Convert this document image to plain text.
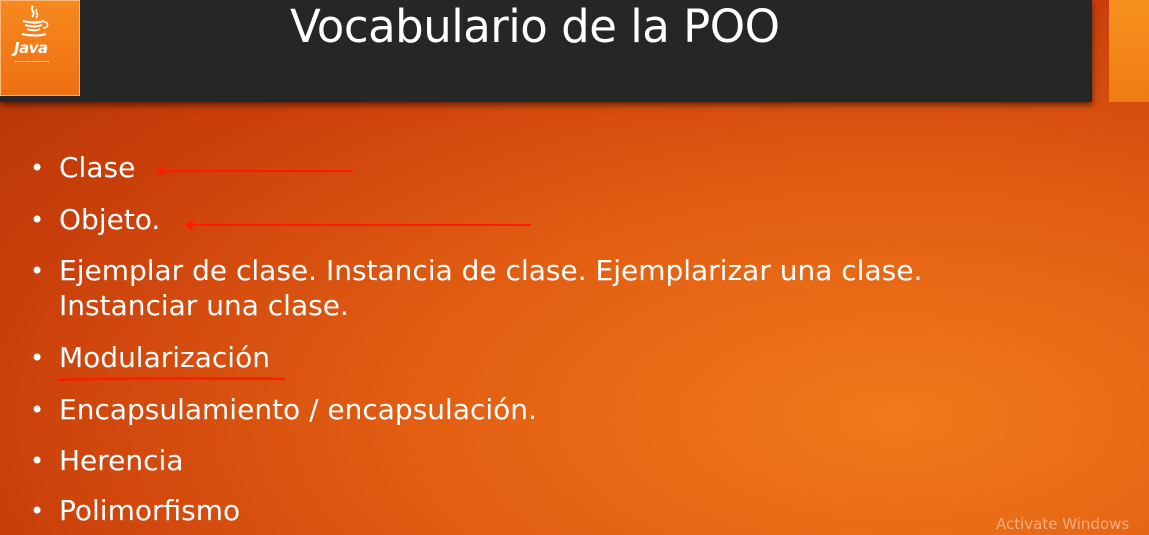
Java	Vocabulario de la POO
• Clase
• Objeto.
• Ejemplar de clase. Instancia de clase. Ejemplarizar una clase.
Instanciar una clase.
• Modularización
• Encapsulamiento / encapsulación.
• Herencia
• Polimorfismo	Activate Windows
